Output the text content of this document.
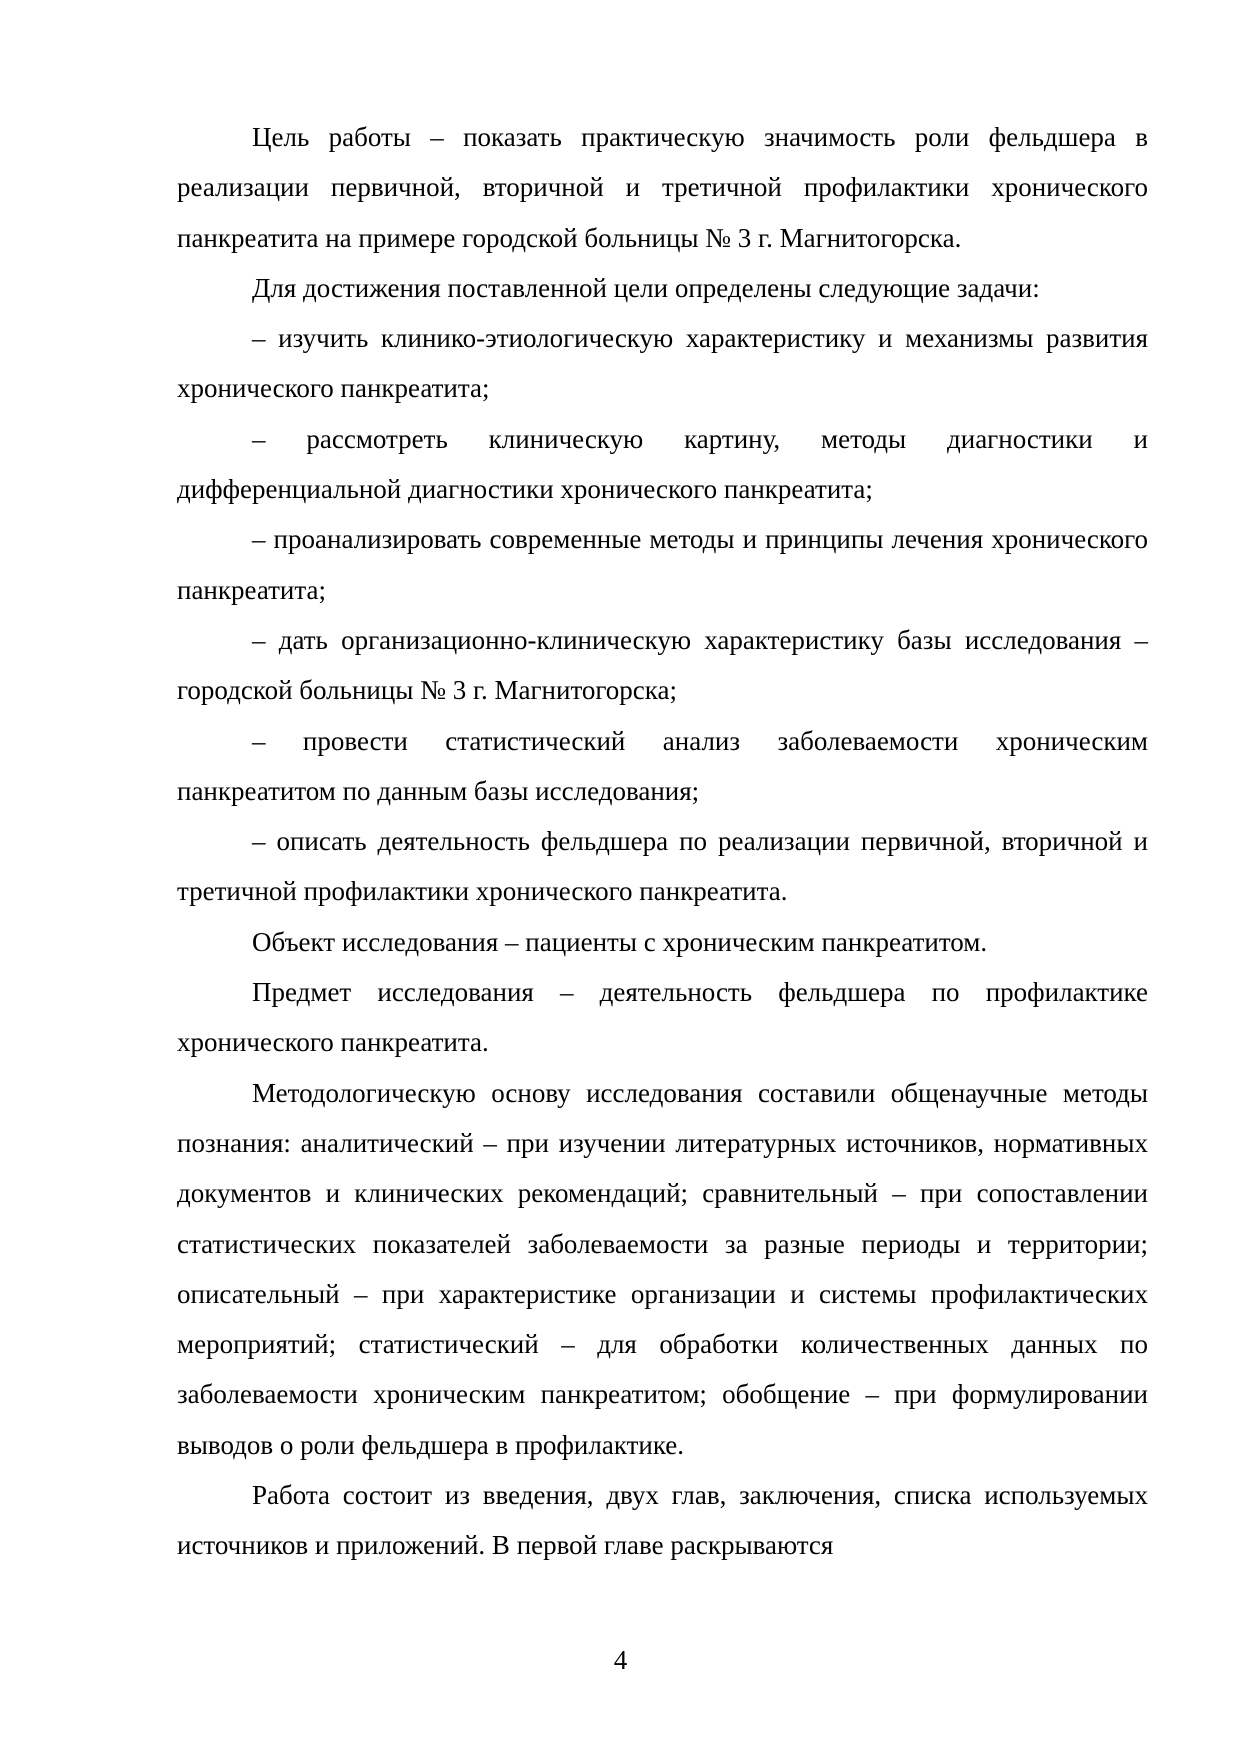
Цель работы – показать практическую значимость роли фельдшера в реализации первичной, вторичной и третичной профилактики хронического панкреатита на примере городской больницы № 3 г. Магнитогорска.

Для достижения поставленной цели определены следующие задачи:

– изучить клинико-этиологическую характеристику и механизмы развития хронического панкреатита;

– рассмотреть клиническую картину, методы диагностики и дифференциальной диагностики хронического панкреатита;

– проанализировать современные методы и принципы лечения хронического панкреатита;

– дать организационно-клиническую характеристику базы исследования – городской больницы № 3 г. Магнитогорска;

– провести статистический анализ заболеваемости хроническим панкреатитом по данным базы исследования;

– описать деятельность фельдшера по реализации первичной, вторичной и третичной профилактики хронического панкреатита.

Объект исследования – пациенты с хроническим панкреатитом.

Предмет исследования – деятельность фельдшера по профилактике хронического панкреатита.

Методологическую основу исследования составили общенаучные методы познания: аналитический – при изучении литературных источников, нормативных документов и клинических рекомендаций; сравнительный – при сопоставлении статистических показателей заболеваемости за разные периоды и территории; описательный – при характеристике организации и системы профилактических мероприятий; статистический – для обработки количественных данных по заболеваемости хроническим панкреатитом; обобщение – при формулировании выводов о роли фельдшера в профилактике.

Работа состоит из введения, двух глав, заключения, списка используемых источников и приложений. В первой главе раскрываются

4
